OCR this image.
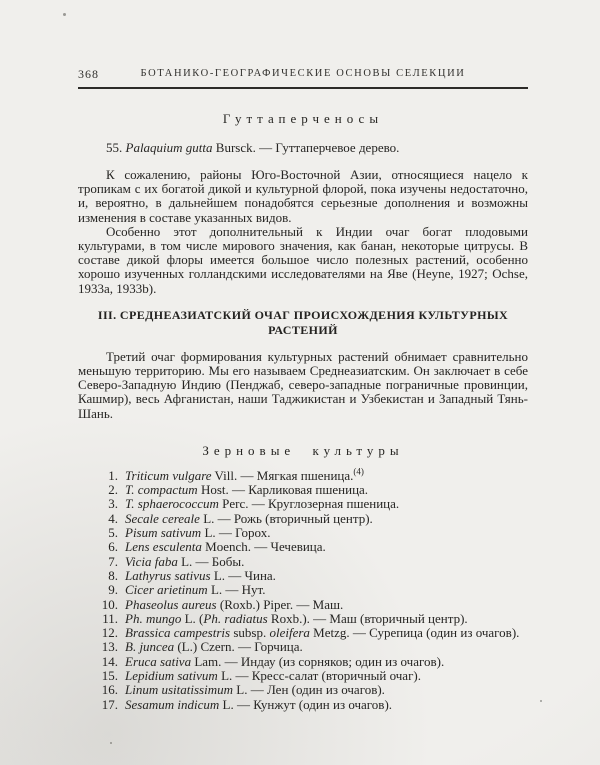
368	БОТАНИКО-ГЕОГРАФИЧЕСКИЕ ОСНОВЫ СЕЛЕКЦИИ
Гуттаперченосы

55. Palaquium gutta Bursck. — Гуттаперчевое дерево.

К сожалению, районы Юго-Восточной Азии, относящиеся нацело к тропикам с их богатой дикой и культурной флорой, пока изучены недостаточно, и, вероятно, в дальнейшем понадобятся серьезные дополнения и возможны изменения в составе указанных видов.

Особенно этот дополнительный к Индии очаг богат плодовыми культурами, в том числе мирового значения, как банан, некоторые цитрусы. В составе дикой флоры имеется большое число полезных растений, особенно хорошо изученных голландскими исследователями на Яве (Heyne, 1927; Ochse, 1933a, 1933b).

III. СРЕДНЕАЗИАТСКИЙ ОЧАГ ПРОИСХОЖДЕНИЯ КУЛЬТУРНЫХ РАСТЕНИЙ

Третий очаг формирования культурных растений обнимает сравнительно меньшую территорию. Мы его называем Среднеазиатским. Он заключает в себе Северо-Западную Индию (Пенджаб, северо-западные пограничные провинции, Кашмир), весь Афганистан, наши Таджикистан и Узбекистан и Западный Тянь-Шань.

Зерновые культуры
1. Triticum vulgare Vill. — Мягкая пшеница.$^{(4)}$
2. T. compactum Host. — Карликовая пшеница.
3. T. sphaerococcum Perc. — Круглозерная пшеница.
4. Secale cereale L. — Рожь (вторичный центр).
5. Pisum sativum L. — Горох.
6. Lens esculenta Moench. — Чечевица.
7. Vicia faba L. — Бобы.
8. Lathyrus sativus L. — Чина.
9. Cicer arietinum L. — Нут.
10. Phaseolus aureus (Roxb.) Piper. — Маш.
11. Ph. mungo L. (Ph. radiatus Roxb.). — Маш (вторичный центр).
12. Brassica campestris subsp. oleifera Metzg. — Сурепица (один из очагов).
13. B. juncea (L.) Czern. — Горчица.
14. Eruca sativa Lam. — Индау (из сорняков; один из очагов).
15. Lepidium sativum L. — Кресс-салат (вторичный очаг).
16. Linum usitatissimum L. — Лен (один из очагов).
17. Sesamum indicum L. — Кунжут (один из очагов).
